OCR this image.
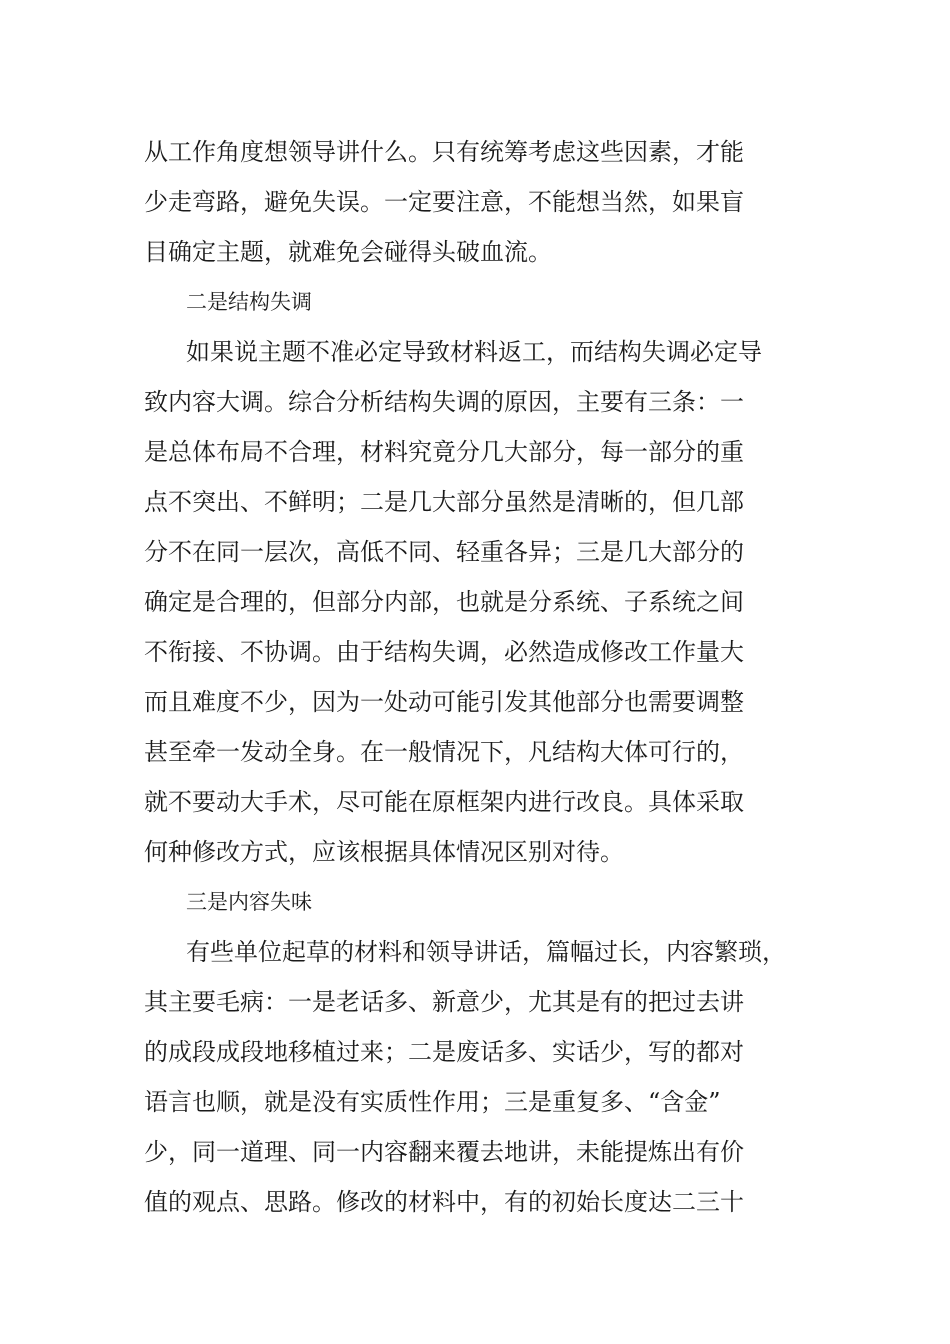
从工作角度想领导讲什么。只有统筹考虑这些因素，才能

少走弯路，避免失误。一定要注意，不能想当然，如果盲

目确定主题，就难免会碰得头破血流。

二是结构失调

如果说主题不准必定导致材料返工，而结构失调必定导

致内容大调。综合分析结构失调的原因，主要有三条：一

是总体布局不合理，材料究竟分几大部分，每一部分的重

点不突出、不鲜明；二是几大部分虽然是清晰的，但几部

分不在同一层次，高低不同、轻重各异；三是几大部分的

确定是合理的，但部分内部，也就是分系统、子系统之间

不衔接、不协调。由于结构失调，必然造成修改工作量大

而且难度不少，因为一处动可能引发其他部分也需要调整

甚至牵一发动全身。在一般情况下，凡结构大体可行的，

就不要动大手术，尽可能在原框架内进行改良。具体采取

何种修改方式，应该根据具体情况区别对待。

三是内容失味

有些单位起草的材料和领导讲话，篇幅过长，内容繁琐，

其主要毛病：一是老话多、新意少，尤其是有的把过去讲

的成段成段地移植过来；二是废话多、实话少，写的都对

语言也顺，就是没有实质性作用；三是重复多、“含金”

少，同一道理、同一内容翻来覆去地讲，未能提炼出有价

值的观点、思路。修改的材料中，有的初始长度达二三十
